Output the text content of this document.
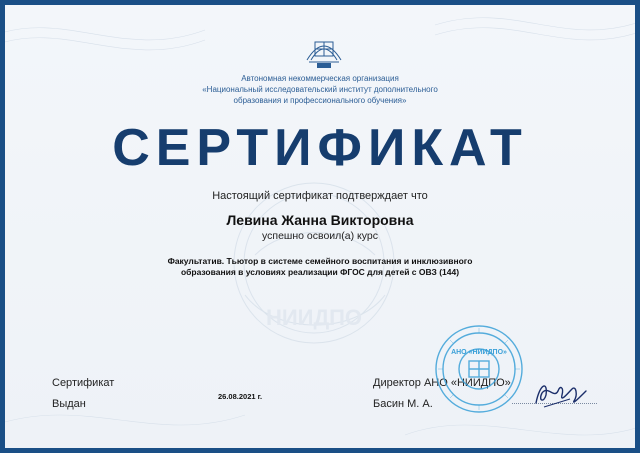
НИИДПО
Автономная некоммерческая организация
«Национальный исследовательский институт дополнительного
образования и профессионального обучения»
СЕРТИФИКАТ
Настоящий сертификат подтверждает что
Левина Жанна Викторовна
успешно освоил(а) курс
Факультатив. Тьютор в системе семейного воспитания и инклюзивного
образования в условиях реализации ФГОС для детей с ОВЗ (144)
Сертификат
Выдан
26.08.2021 г.
Директор АНО «НИИДПО»
Басин М. А.
АНО «НИИДПО»
